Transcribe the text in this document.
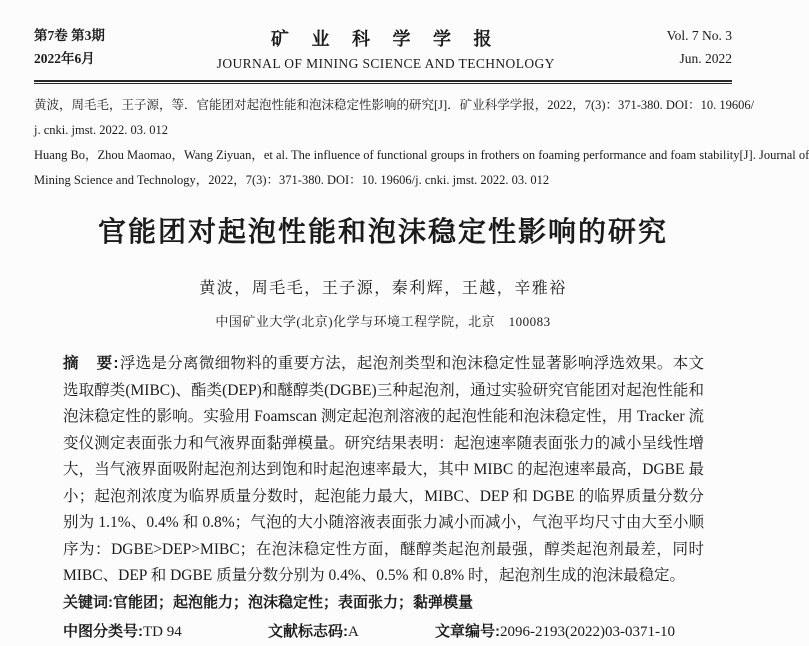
第7卷 第3期
2022年6月
矿 业 科 学 学 报
JOURNAL OF MINING SCIENCE AND TECHNOLOGY
Vol. 7 No. 3
Jun. 2022
黄波，周毛毛，王子源，等．官能团对起泡性能和泡沫稳定性影响的研究[J]．矿业科学学报，2022，7(3)：371-380. DOI：10. 19606/
j. cnki. jmst. 2022. 03. 012
Huang Bo，Zhou Maomao，Wang Ziyuan，et al. The influence of functional groups in frothers on foaming performance and foam stability[J]. Journal of
Mining Science and Technology，2022，7(3)：371-380. DOI：10. 19606/j. cnki. jmst. 2022. 03. 012
官能团对起泡性能和泡沫稳定性影响的研究
黄波，周毛毛，王子源，秦利辉，王越，辛雅裕
中国矿业大学(北京)化学与环境工程学院，北京　100083

摘　要:浮选是分离微细物料的重要方法，起泡剂类型和泡沫稳定性显著影响浮选效果。本文选取醇类(MIBC)、酯类(DEP)和醚醇类(DGBE)三种起泡剂，通过实验研究官能团对起泡性能和泡沫稳定性的影响。实验用 Foamscan 测定起泡剂溶液的起泡性能和泡沫稳定性，用 Tracker 流变仪测定表面张力和气液界面黏弹模量。研究结果表明：起泡速率随表面张力的减小呈线性增大，当气液界面吸附起泡剂达到饱和时起泡速率最大，其中 MIBC 的起泡速率最高，DGBE 最小；起泡剂浓度为临界质量分数时，起泡能力最大，MIBC、DEP 和 DGBE 的临界质量分数分别为 1.1%、0.4% 和 0.8%；气泡的大小随溶液表面张力减小而减小，气泡平均尺寸由大至小顺序为：DGBE>DEP>MIBC；在泡沫稳定性方面，醚醇类起泡剂最强，醇类起泡剂最差，同时 MIBC、DEP 和 DGBE 质量分数分别为 0.4%、0.5% 和 0.8% 时，起泡剂生成的泡沫最稳定。

关键词:官能团；起泡能力；泡沫稳定性；表面张力；黏弹模量
中图分类号:TD 94	文献标志码:A	文章编号:2096-2193(2022)03-0371-10
